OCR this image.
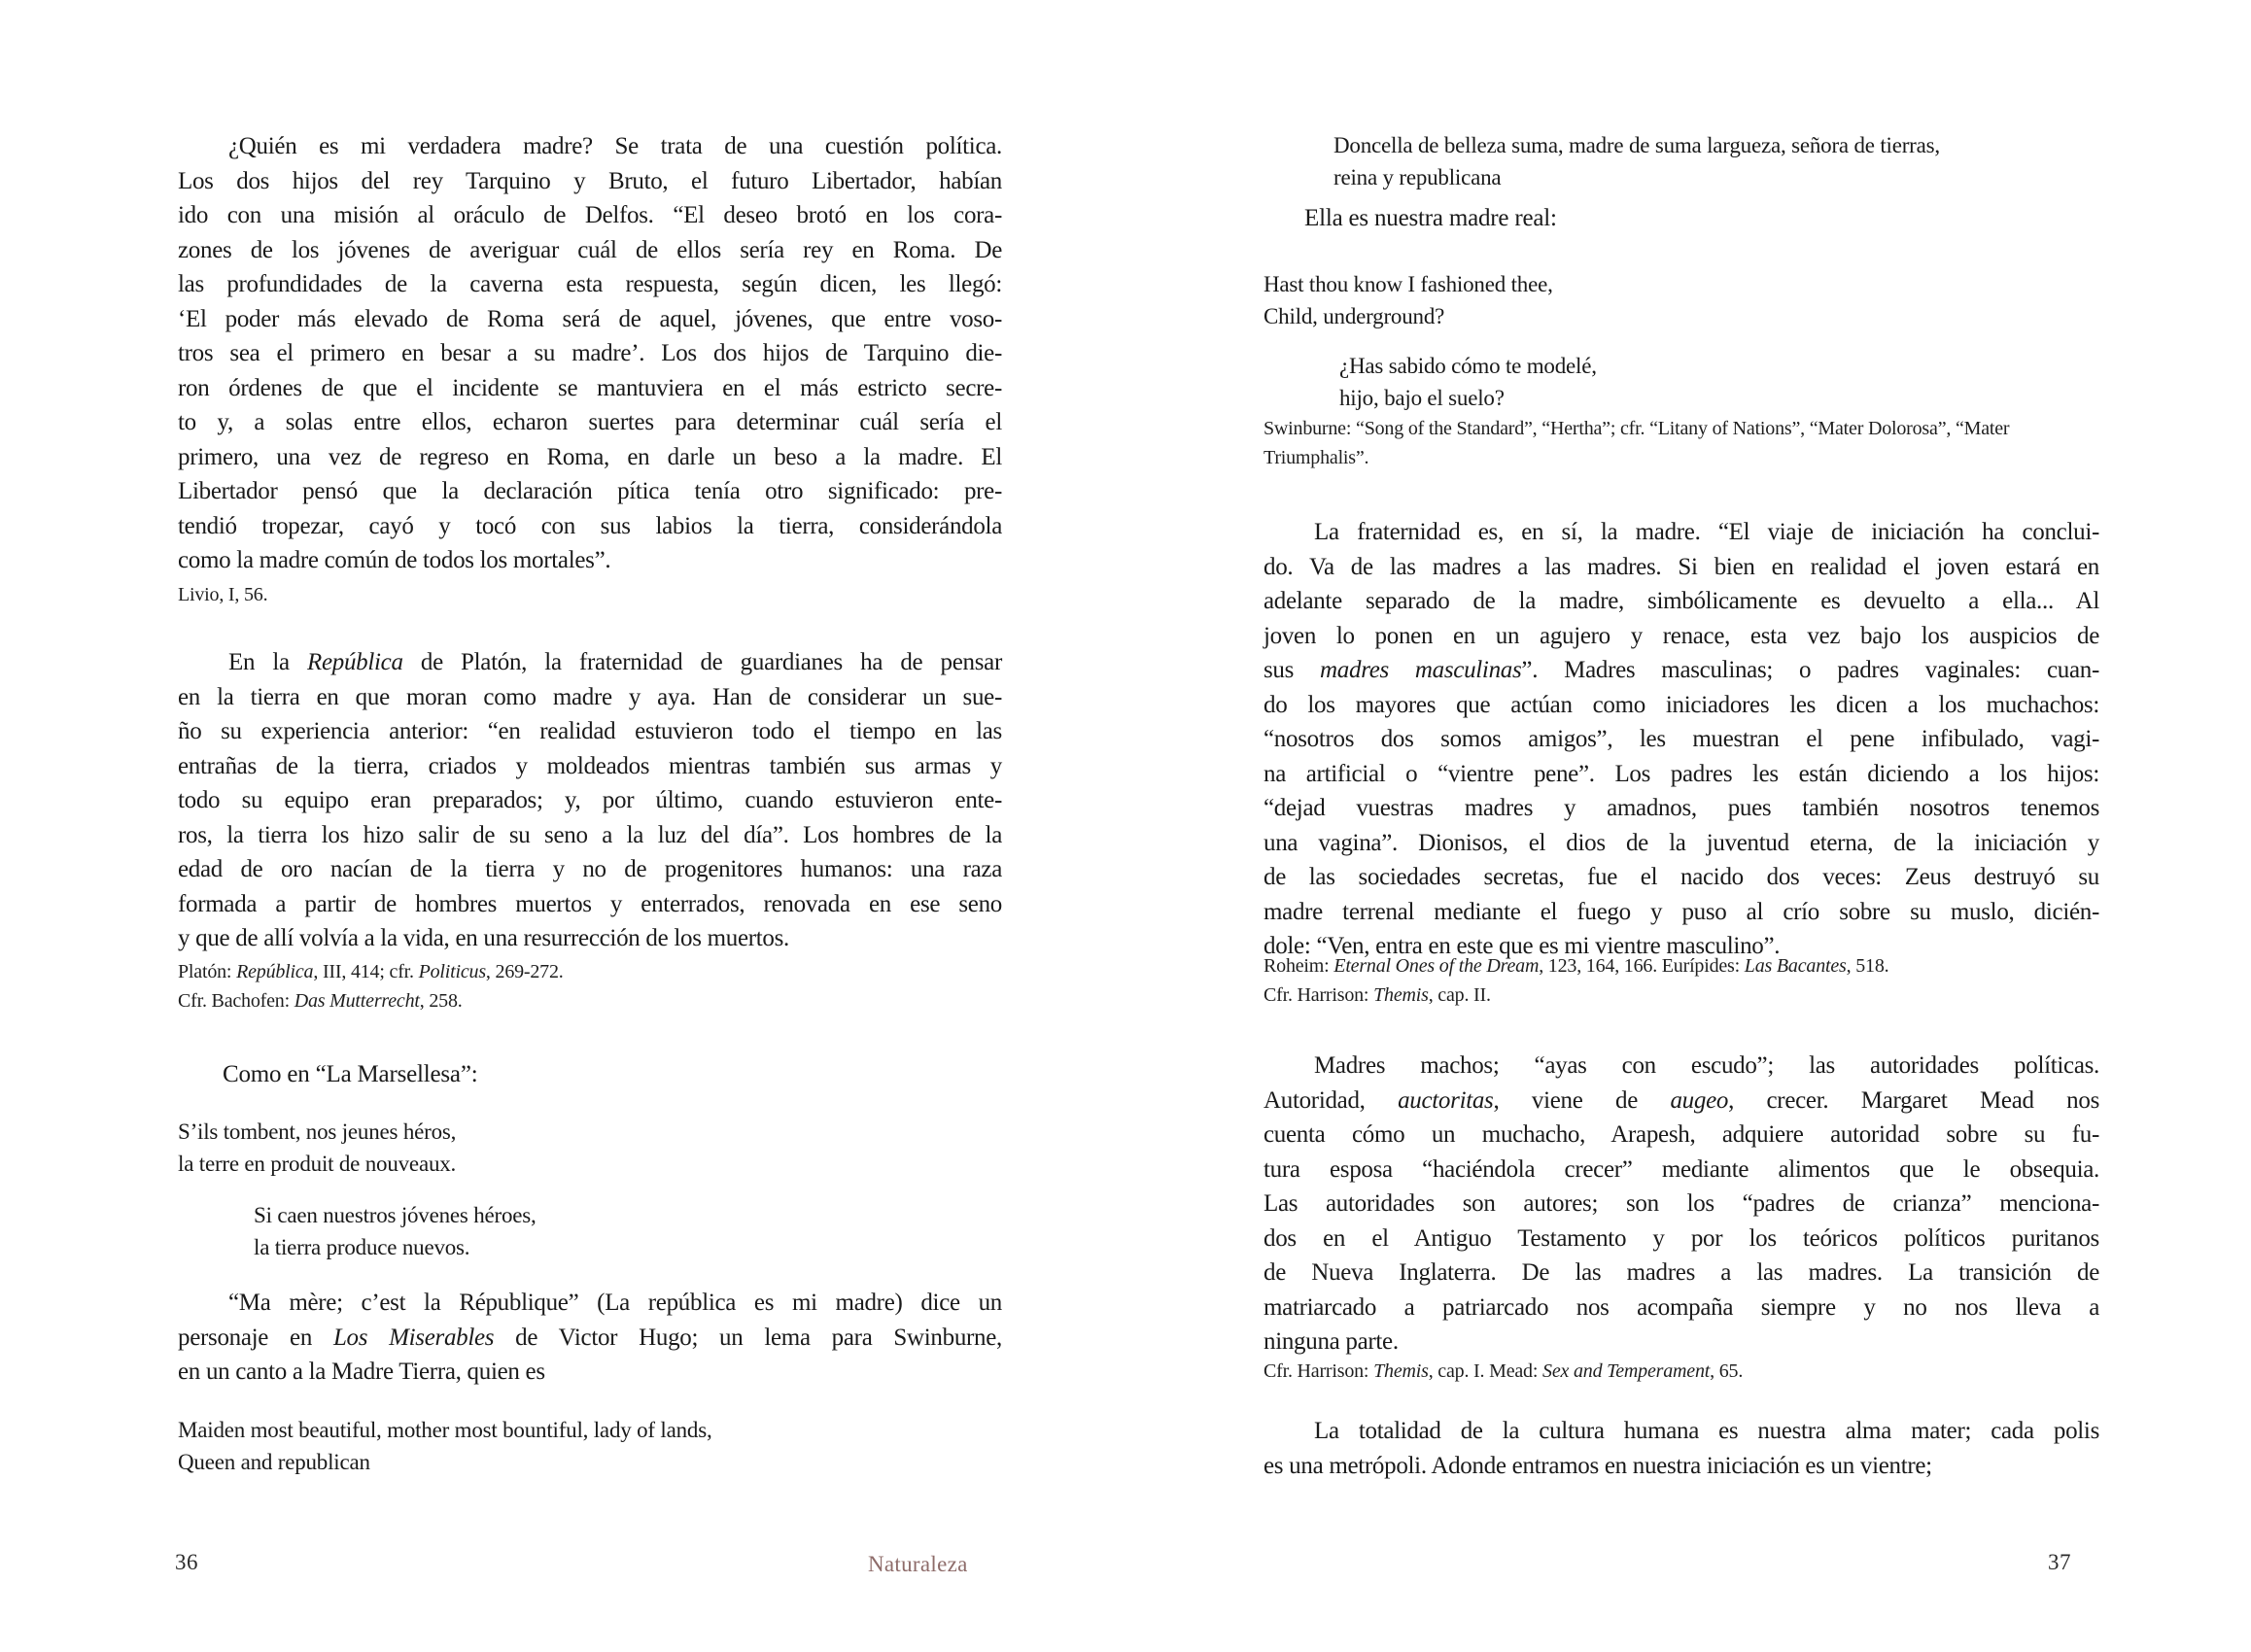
¿Quién es mi verdadera madre? Se trata de una cuestión política.
Los dos hijos del rey Tarquino y Bruto, el futuro Libertador, habían
ido con una misión al oráculo de Delfos. “El deseo brotó en los cora-
zones de los jóvenes de averiguar cuál de ellos sería rey en Roma. De
las profundidades de la caverna esta respuesta, según dicen, les llegó:
‘El poder más elevado de Roma será de aquel, jóvenes, que entre voso-
tros sea el primero en besar a su madre’. Los dos hijos de Tarquino die-
ron órdenes de que el incidente se mantuviera en el más estricto secre-
to y, a solas entre ellos, echaron suertes para determinar cuál sería el
primero, una vez de regreso en Roma, en darle un beso a la madre. El
Libertador pensó que la declaración pítica tenía otro significado: pre-
tendió tropezar, cayó y tocó con sus labios la tierra, considerándola
como la madre común de todos los mortales”.
Livio, I, 56.
En la República de Platón, la fraternidad de guardianes ha de pensar
en la tierra en que moran como madre y aya. Han de considerar un sue-
ño su experiencia anterior: “en realidad estuvieron todo el tiempo en las
entrañas de la tierra, criados y moldeados mientras también sus armas y
todo su equipo eran preparados; y, por último, cuando estuvieron ente-
ros, la tierra los hizo salir de su seno a la luz del día”. Los hombres de la
edad de oro nacían de la tierra y no de progenitores humanos: una raza
formada a partir de hombres muertos y enterrados, renovada en ese seno
y que de allí volvía a la vida, en una resurrección de los muertos.
Platón: República, III, 414; cfr. Politicus, 269-272.
Cfr. Bachofen: Das Mutterrecht, 258.
Como en “La Marsellesa”:
S’ils tombent, nos jeunes héros,
la terre en produit de nouveaux.
Si caen nuestros jóvenes héroes,
la tierra produce nuevos.
“Ma mère; c’est la République” (La república es mi madre) dice un
personaje en Los Miserables de Victor Hugo; un lema para Swinburne,
en un canto a la Madre Tierra, quien es
Maiden most beautiful, mother most bountiful, lady of lands,
Queen and republican
Doncella de belleza suma, madre de suma largueza, señora de tierras,
reina y republicana
Ella es nuestra madre real:
Hast thou know I fashioned thee,
Child, underground?
¿Has sabido cómo te modelé,
hijo, bajo el suelo?
Swinburne: “Song of the Standard”, “Hertha”; cfr. “Litany of Nations”, “Mater Dolorosa”, “Mater
Triumphalis”.
La fraternidad es, en sí, la madre. “El viaje de iniciación ha conclui-
do. Va de las madres a las madres. Si bien en realidad el joven estará en
adelante separado de la madre, simbólicamente es devuelto a ella... Al
joven lo ponen en un agujero y renace, esta vez bajo los auspicios de
sus madres masculinas”. Madres masculinas; o padres vaginales: cuan-
do los mayores que actúan como iniciadores les dicen a los muchachos:
“nosotros dos somos amigos”, les muestran el pene infibulado, vagi-
na artificial o “vientre pene”. Los padres les están diciendo a los hijos:
“dejad vuestras madres y amadnos, pues también nosotros tenemos
una vagina”. Dionisos, el dios de la juventud eterna, de la iniciación y
de las sociedades secretas, fue el nacido dos veces: Zeus destruyó su
madre terrenal mediante el fuego y puso al crío sobre su muslo, dicién-
dole: “Ven, entra en este que es mi vientre masculino”.
Roheim: Eternal Ones of the Dream, 123, 164, 166. Eurípides: Las Bacantes, 518.
Cfr. Harrison: Themis, cap. II.
Madres machos; “ayas con escudo”; las autoridades políticas.
Autoridad, auctoritas, viene de augeo, crecer. Margaret Mead nos
cuenta cómo un muchacho, Arapesh, adquiere autoridad sobre su fu-
tura esposa “haciéndola crecer” mediante alimentos que le obsequia.
Las autoridades son autores; son los “padres de crianza” menciona-
dos en el Antiguo Testamento y por los teóricos políticos puritanos
de Nueva Inglaterra. De las madres a las madres. La transición de
matriarcado a patriarcado nos acompaña siempre y no nos lleva a
ninguna parte.
Cfr. Harrison: Themis, cap. I. Mead: Sex and Temperament, 65.
La totalidad de la cultura humana es nuestra alma mater; cada polis
es una metrópoli. Adonde entramos en nuestra iniciación es un vientre;
36	Naturaleza	37
